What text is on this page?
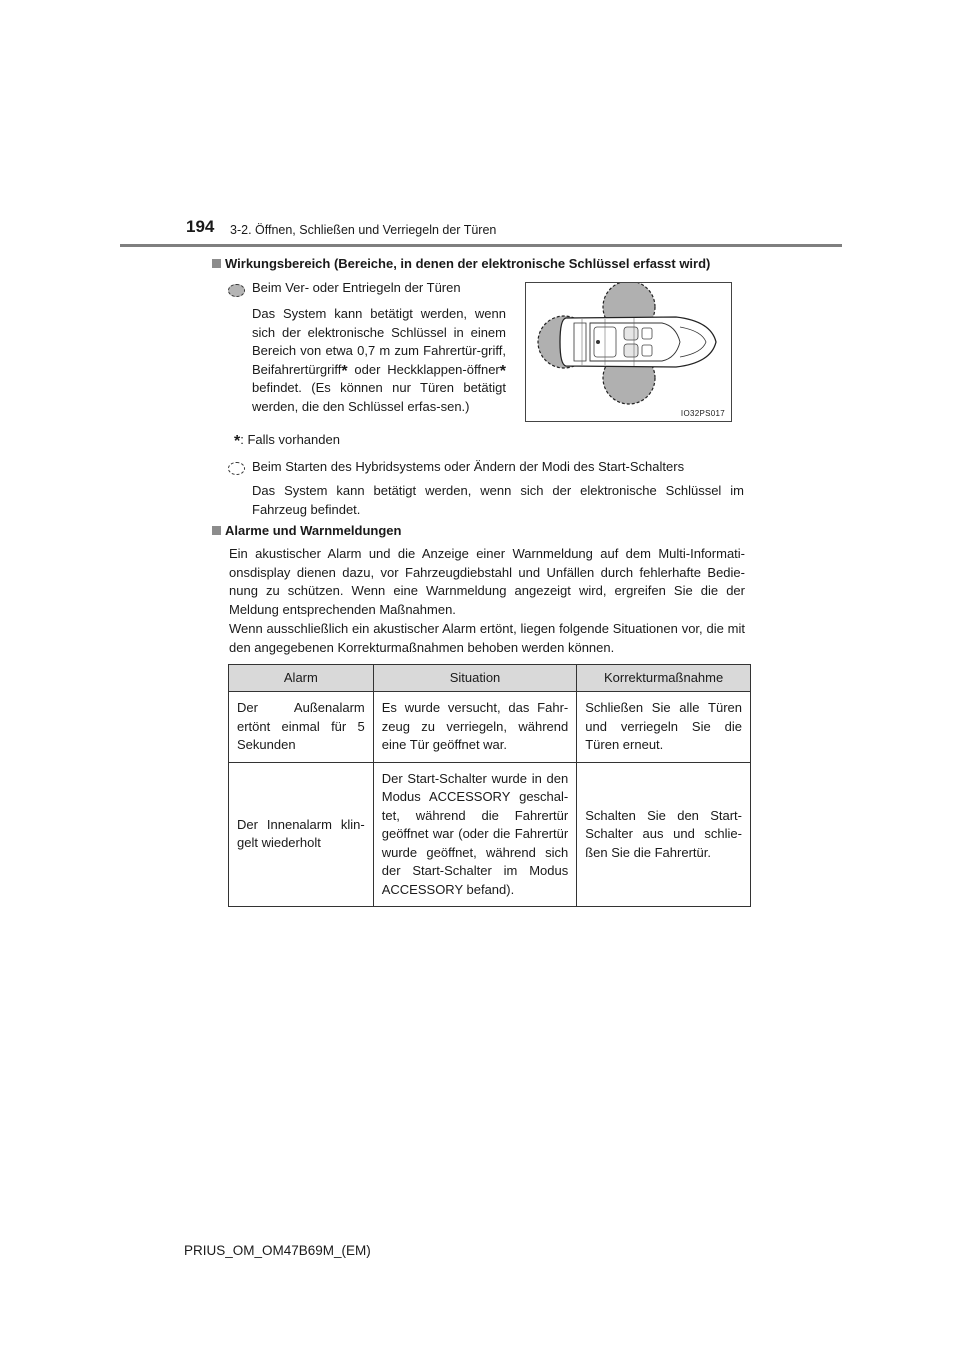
194 3-2. Öffnen, Schließen und Verriegeln der Türen
Wirkungsbereich (Bereiche, in denen der elektronische Schlüssel erfasst wird)
Beim Ver- oder Entriegeln der Türen
Das System kann betätigt werden, wenn sich der elektronische Schlüssel in einem Bereich von etwa 0,7 m zum Fahrertür-griff, Beifahrertürgriff* oder Heckklappen-öffner* befindet. (Es können nur Türen betätigt werden, die den Schlüssel erfas-sen.)	IO32PS017
*: Falls vorhanden
Beim Starten des Hybridsystems oder Ändern der Modi des Start-Schalters
Das System kann betätigt werden, wenn sich der elektronische Schlüssel im Fahrzeug befindet.
Alarme und Warnmeldungen
Ein akustischer Alarm und die Anzeige einer Warnmeldung auf dem Multi-Informati-onsdisplay dienen dazu, vor Fahrzeugdiebstahl und Unfällen durch fehlerhafte Bedie-nung zu schützen. Wenn eine Warnmeldung angezeigt wird, ergreifen Sie die der Meldung entsprechenden Maßnahmen.
Wenn ausschließlich ein akustischer Alarm ertönt, liegen folgende Situationen vor, die mit den angegebenen Korrekturmaßnahmen behoben werden können.
Alarm	Situation	Korrekturmaßnahme
Der Außenalarm ertönt einmal für 5 Sekunden	Es wurde versucht, das Fahr-zeug zu verriegeln, während eine Tür geöffnet war.	Schließen Sie alle Türen und verriegeln Sie die Türen erneut.
Der Innenalarm klin-gelt wiederholt	Der Start-Schalter wurde in den Modus ACCESSORY geschal-tet, während die Fahrertür geöffnet war (oder die Fahrertür wurde geöffnet, während sich der Start-Schalter im Modus ACCESSORY befand).	Schalten Sie den Start-Schalter aus und schlie-ßen Sie die Fahrertür.
PRIUS_OM_OM47B69M_(EM)
